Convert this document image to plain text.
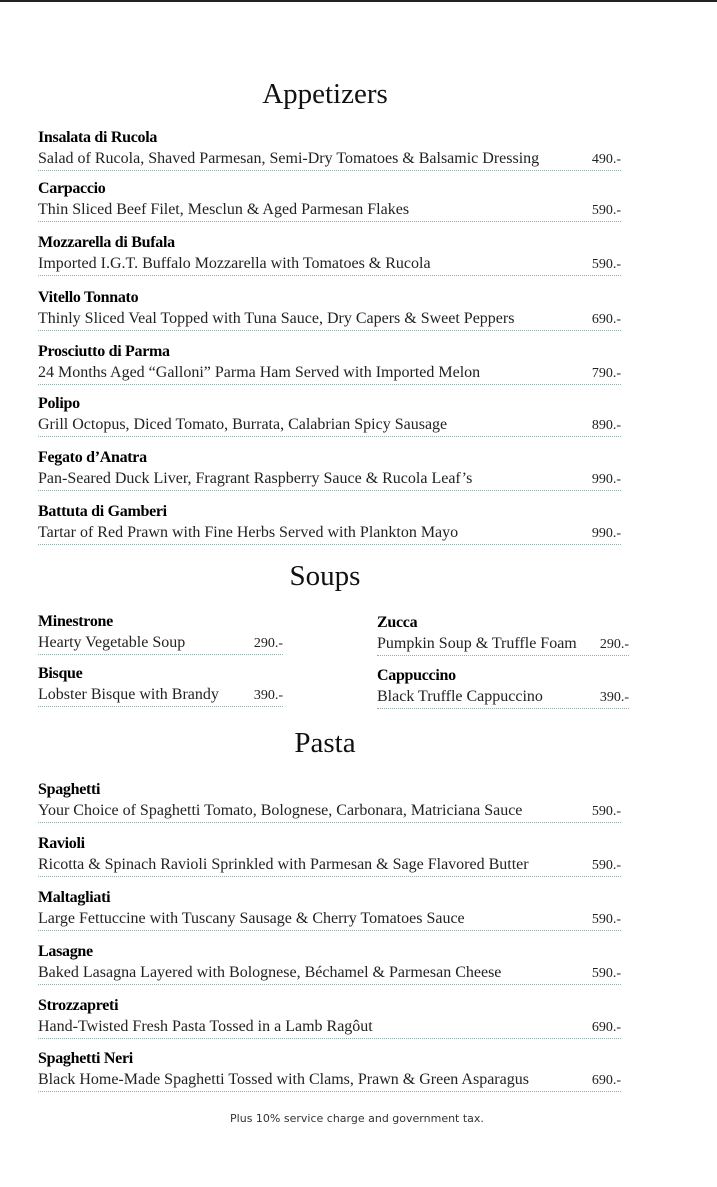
Appetizers
Insalata di Rucola
Salad of Rucola, Shaved Parmesan, Semi-Dry Tomatoes & Balsamic Dressing	490.-
Carpaccio
Thin Sliced Beef Filet, Mesclun & Aged Parmesan Flakes	590.-
Mozzarella di Bufala
Imported I.G.T. Buffalo Mozzarella with Tomatoes & Rucola	590.-
Vitello Tonnato
Thinly Sliced Veal Topped with Tuna Sauce, Dry Capers & Sweet Peppers	690.-
Prosciutto di Parma
24 Months Aged “Galloni” Parma Ham Served with Imported Melon	790.-
Polipo
Grill Octopus, Diced Tomato, Burrata, Calabrian Spicy Sausage	890.-
Fegato d’Anatra
Pan-Seared Duck Liver, Fragrant Raspberry Sauce & Rucola Leaf’s	990.-
Battuta di Gamberi
Tartar of Red Prawn with Fine Herbs Served with Plankton Mayo	990.-
Soups
Minestrone
Hearty Vegetable Soup	290.-
Bisque
Lobster Bisque with Brandy 390.-
Zucca
Pumpkin Soup & Truffle Foam 290.-
Cappuccino
Black Truffle Cappuccino	390.-
Pasta
Spaghetti
Your Choice of Spaghetti Tomato, Bolognese, Carbonara, Matriciana Sauce	590.-
Ravioli
Ricotta & Spinach Ravioli Sprinkled with Parmesan & Sage Flavored Butter	590.-
Maltagliati
Large Fettuccine with Tuscany Sausage & Cherry Tomatoes Sauce	590.-
Lasagne
Baked Lasagna Layered with Bolognese, Béchamel & Parmesan Cheese	590.-
Strozzapreti
Hand-Twisted Fresh Pasta Tossed in a Lamb Ragôut	690.-
Spaghetti Neri
Black Home-Made Spaghetti Tossed with Clams, Prawn & Green Asparagus	690.-
Plus 10% service charge and government tax.
